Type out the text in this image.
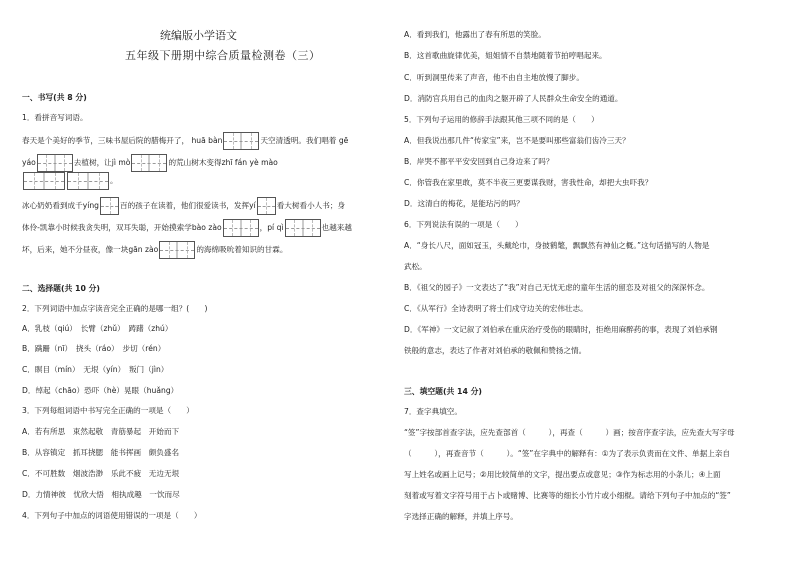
统编版小学语文
五年级下册期中综合质量检测卷（三）
一、书写(共 8 分)
1．看拼音写词语。
春天是个美好的季节，三味书屋后院的腊梅开了， huā bàn	天空清透明。我们唱着 gē
yáo	去植树，让jì mò	的荒山树木变得zhī fán yè mào
。
冰心奶奶看到成千yíng	百的孩子在读着，他们很爱读书，发挥yí	看大树看小人书；身
体伶-凯靠小时候我贪失明，双耳失聪，开始摸索学bào zào	，pí qì	也越来越
坏，后来，她不分昼夜，像一块gān zào	的海绵吸吮着知识的甘霖。
二、选择题(共 10 分)
2．下列词语中加点字读音完全正确的是哪一组？(　　)
A．乳枝（qiú）　长臂（zhǔ）　踌躇（zhú）
B．蹒跚（nī）　挠头（ráo）　步切（rén）
C．瞑目（mín）　无垠（yín）　叛门（jìn）
D．绰起（chāo）恐吓（hè）晃眼（huǎng）
3．下列每组词语中书写完全正确的一项是（　　）
A．若有所思　束然起敬　青筋暴起　开始而下
B．从容镇定　抓耳挠腮　能书挥画　颇负盛名
C．不可胜数　烟波浩渺　乐此不疲　无边无垠
D．力情神彼　忧欣大悟　相执成趣　一饮而尽
4．下列句子中加点的词语使用错误的一项是（　　）
A．看到我们，他露出了春有所思的笑脸。
B．这首歌曲旋律优美，姐姐情不自禁地随着节拍哼唱起来。
C．听到洞里传来了声音，他不由自主地放慢了脚步。
D．消防官兵用自己的血肉之躯开辟了人民群众生命安全的通道。
5．下列句子运用的修辞手法跟其他三项不同的是（　　）
A．但我说出那几件“传家宝”来，岂不是要叫那些富翁们齿冷三天？
B．岸哭不都平平安安回到自己身边来了吗？
C．你管我在家里敢，莫不半夜三更要谋我财，害我性命，却把大虫吓我？
D．这清白的梅花，是能玷污的吗？
6．下列说法有误的一项是（　　）
A．“身长八尺，面如冠玉，头戴纶巾，身披鹤氅，飘飘然有神仙之概。”这句话描写的人物是
武松。
B．《祖父的园子》一文表达了“我”对自己无忧无虑的童年生活的留恋及对祖父的深深怀念。
C．《从军行》全诗表明了将士们戍守边关的宏伟壮志。
D．《军神》一文记叙了刘伯承在重庆治疗受伤的眼睛时，拒绝用麻醉药的事，表现了刘伯承钢
铁般的意志，表达了作者对刘伯承的敬佩和赞扬之情。
三、填空题(共 14 分)
7．查字典填空。
“签”字按部首查字法，应先查部首（　　　），再查（　　　）画；按音序查字法，应先查大写字母
（　　　），再查音节（　　　）。“签”在字典中的解释有：①为了表示负责而在文件、单据上亲自
写上姓名或画上记号；②用比较简单的文字，提出要点或意见；③作为标志用的小条儿；④上面
刻着或写着文字符号用于占卜或赌博、比赛等的细长小竹片或小细棍。请给下列句子中加点的“签”
字选择正确的解释，并填上序号。
